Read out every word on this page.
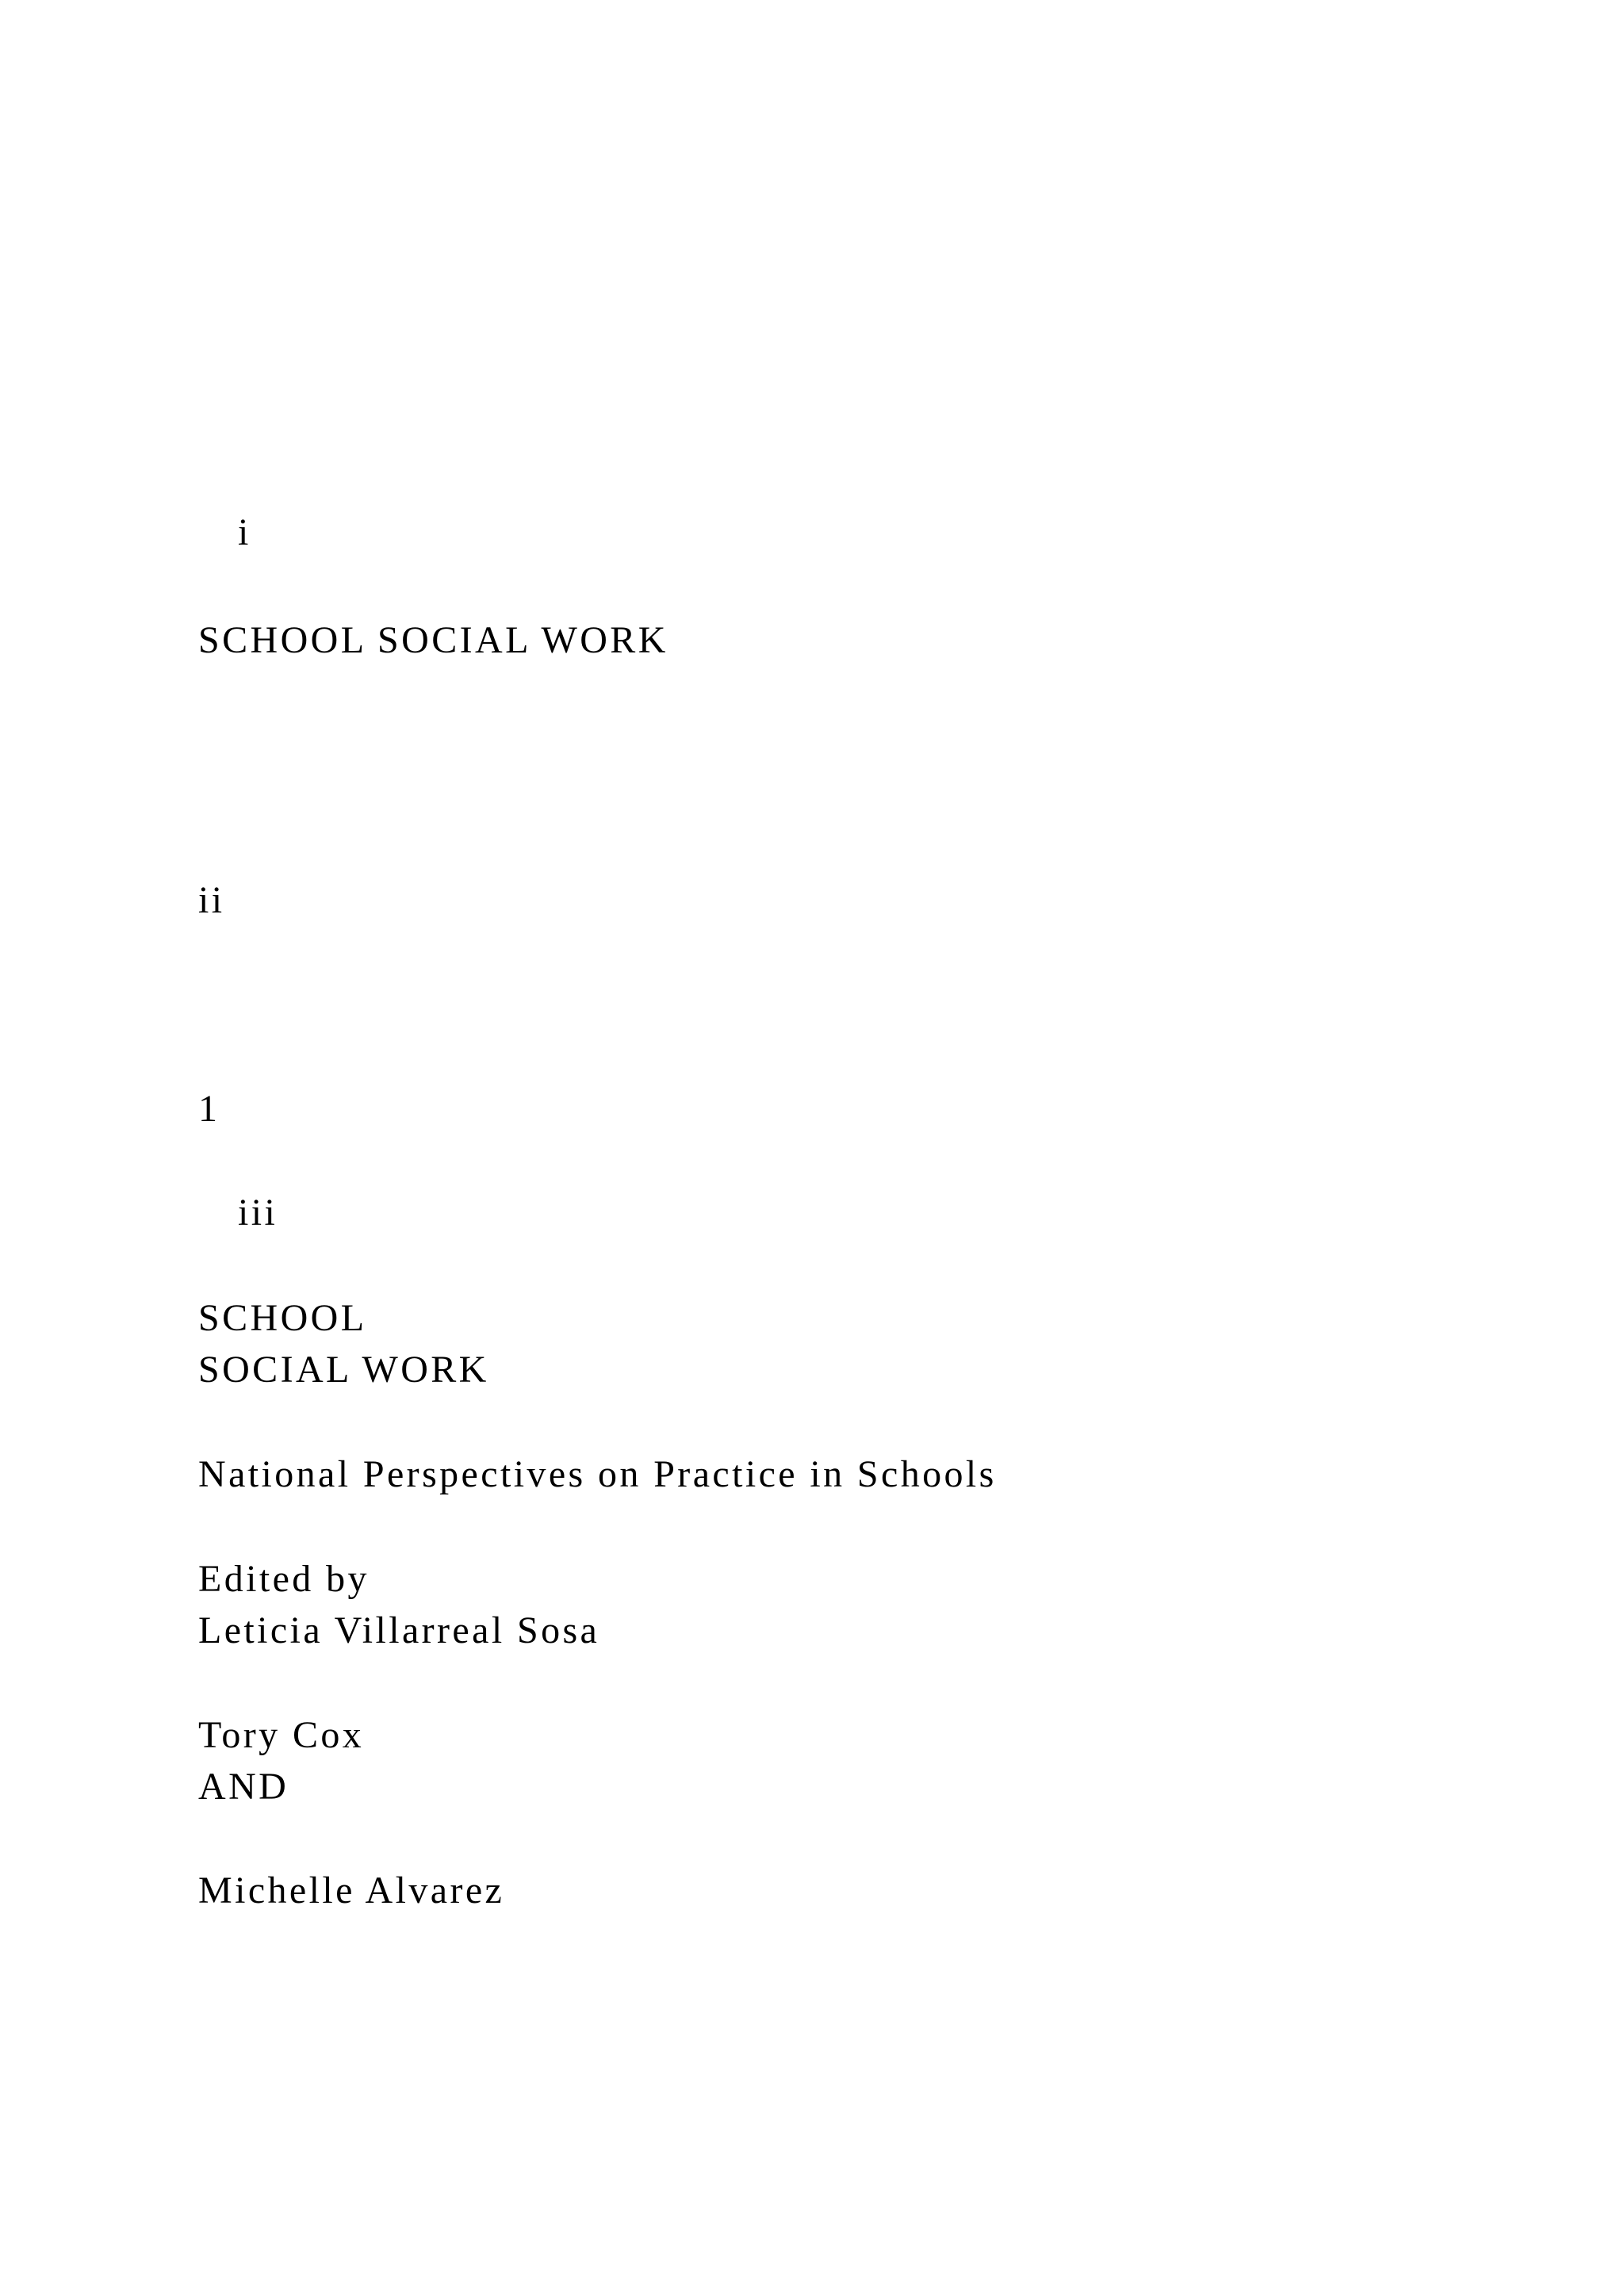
i

SCHOOL SOCIAL WORK

ii

1

iii

SCHOOL

SOCIAL WORK

National Perspectives on Practice in Schools

Edited by

Leticia Villarreal Sosa

Tory Cox

AND

Michelle Alvarez
